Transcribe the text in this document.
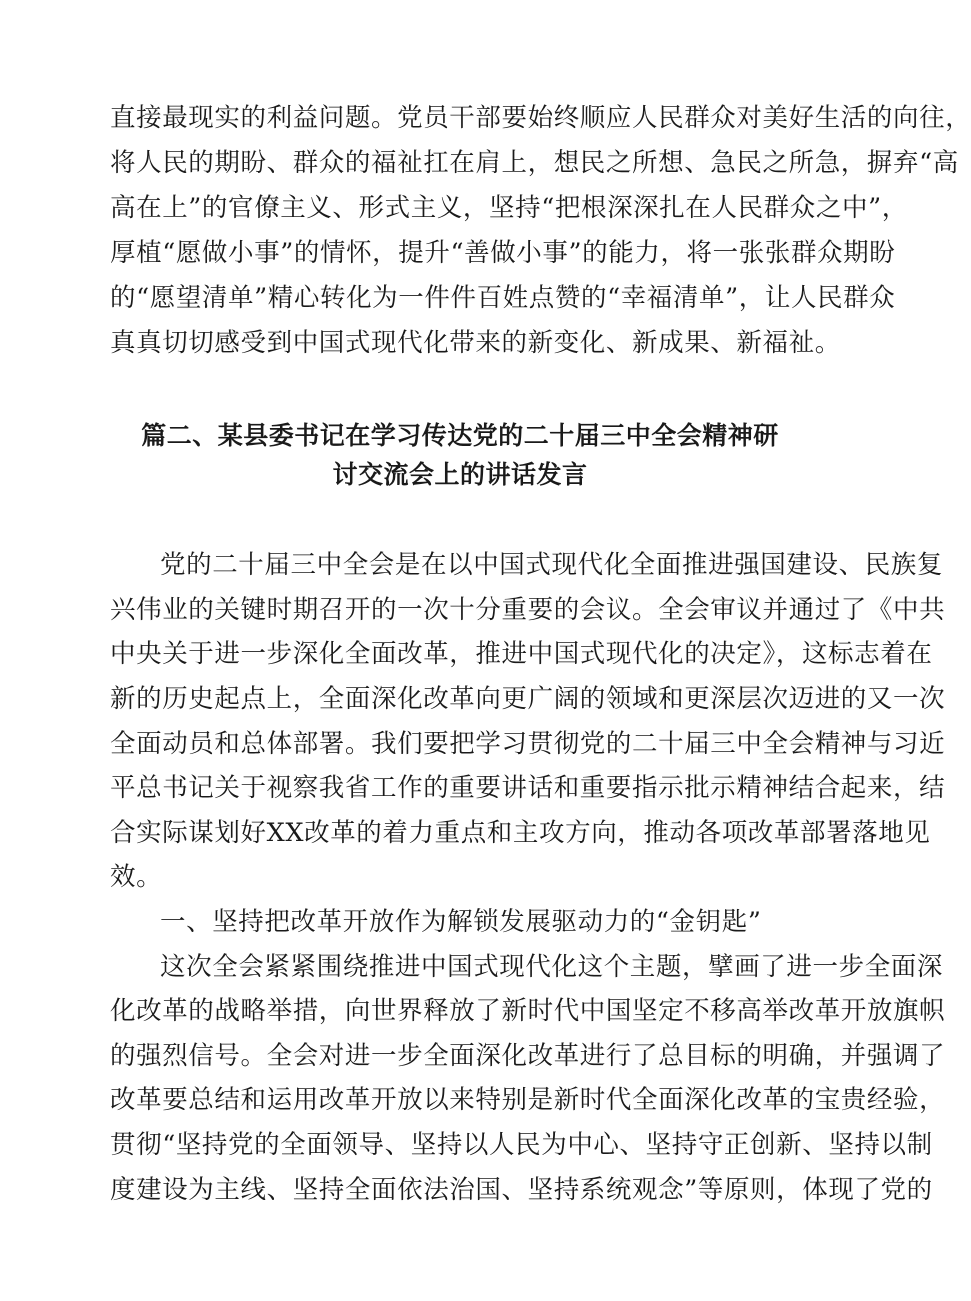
直接最现实的利益问题。党员干部要始终顺应人民群众对美好生活的向往，

将人民的期盼、群众的福祉扛在肩上，想民之所想、急民之所急，摒弃“高

高在上”的官僚主义、形式主义，坚持“把根深深扎在人民群众之中”，

厚植“愿做小事”的情怀，提升“善做小事”的能力，将一张张群众期盼

的“愿望清单”精心转化为一件件百姓点赞的“幸福清单”，让人民群众

真真切切感受到中国式现代化带来的新变化、新成果、新福祉。

篇二、某县委书记在学习传达党的二十届三中全会精神研
讨交流会上的讲话发言

党的二十届三中全会是在以中国式现代化全面推进强国建设、民族复

兴伟业的关键时期召开的一次十分重要的会议。全会审议并通过了《中共

中央关于进一步深化全面改革，推进中国式现代化的决定》，这标志着在

新的历史起点上，全面深化改革向更广阔的领域和更深层次迈进的又一次

全面动员和总体部署。我们要把学习贯彻党的二十届三中全会精神与习近

平总书记关于视察我省工作的重要讲话和重要指示批示精神结合起来，结

合实际谋划好XX改革的着力重点和主攻方向，推动各项改革部署落地见

效。

一、坚持把改革开放作为解锁发展驱动力的“金钥匙”

这次全会紧紧围绕推进中国式现代化这个主题，擘画了进一步全面深

化改革的战略举措，向世界释放了新时代中国坚定不移高举改革开放旗帜

的强烈信号。全会对进一步全面深化改革进行了总目标的明确，并强调了

改革要总结和运用改革开放以来特别是新时代全面深化改革的宝贵经验，

贯彻“坚持党的全面领导、坚持以人民为中心、坚持守正创新、坚持以制

度建设为主线、坚持全面依法治国、坚持系统观念”等原则，体现了党的
